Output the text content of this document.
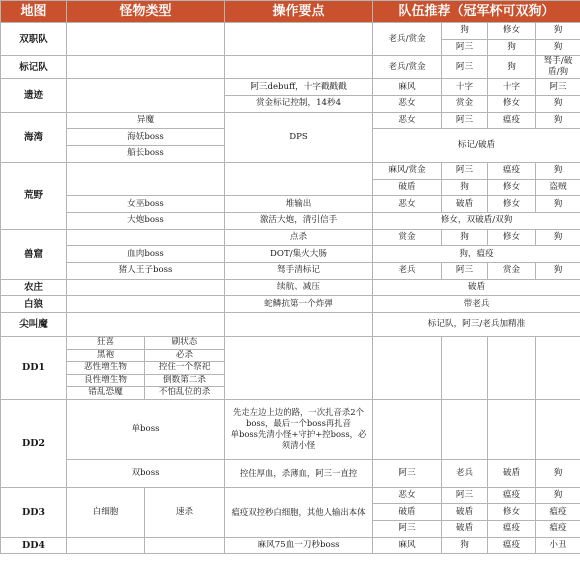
地图	怪物类型		操作要点	队伍推荐（冠军杯可双狗）			
双职队				老兵/赏金	狗	修女	狗
					阿三	狗	狗
标记队				老兵/赏金	阿三	狗	驽手/破盾/狗
遗迹			阿三debuff，十字戳戳戳	麻风	十字	十字	阿三
			赏金标记控制，14秒4	恶女	赏金	修女	狗
海湾	异魔		DPS	恶女	阿三	瘟疫	狗
	海妖boss			标记/破盾			
	船长boss						
荒野				麻风/赏金	阿三	瘟疫	狗
				破盾	狗	修女	盗贼
	女巫boss		堆输出	恶女	破盾	修女	狗
	大炮boss		激活大炮，清引信手	修女，双破盾/双狗			
兽窟			点杀	赏金	狗	修女	狗
	血肉boss		DOT/集火大肠	狗，瘟疫			
	猪人王子boss		驽手清标记	老兵	阿三	赏金	狗
农庄			续航、减压	破盾			
白狼			蛇鳞抗第一个炸弹	带老兵			
尖叫魔				标记队，阿三/老兵加精准			
DD1	狂喜	刷状态					
	黑袍	必杀					
	恶性增生物	控住一个祭祀					
	良性增生物	倒数第二杀					
	错乱恐魔	不怕乱位的杀					
DD2	单boss		先走左边上边的路，一次扎音杀2个boss，最后一个boss再扎音
单boss先清小怪+守护+控boss，必须清小怪				

	双boss		控住厚血，杀薄血，阿三一直控	阿三	老兵	破盾	狗
DD3	白细胞	速杀	瘟疫双控秒白细胞，其他人输出本体	恶女	阿三	瘟疫	狗
				破盾	破盾	修女	瘟疫
				阿三	破盾	瘟疫	瘟疫
DD4			麻风75血一刀秒boss	麻风	狗	瘟疫	小丑
